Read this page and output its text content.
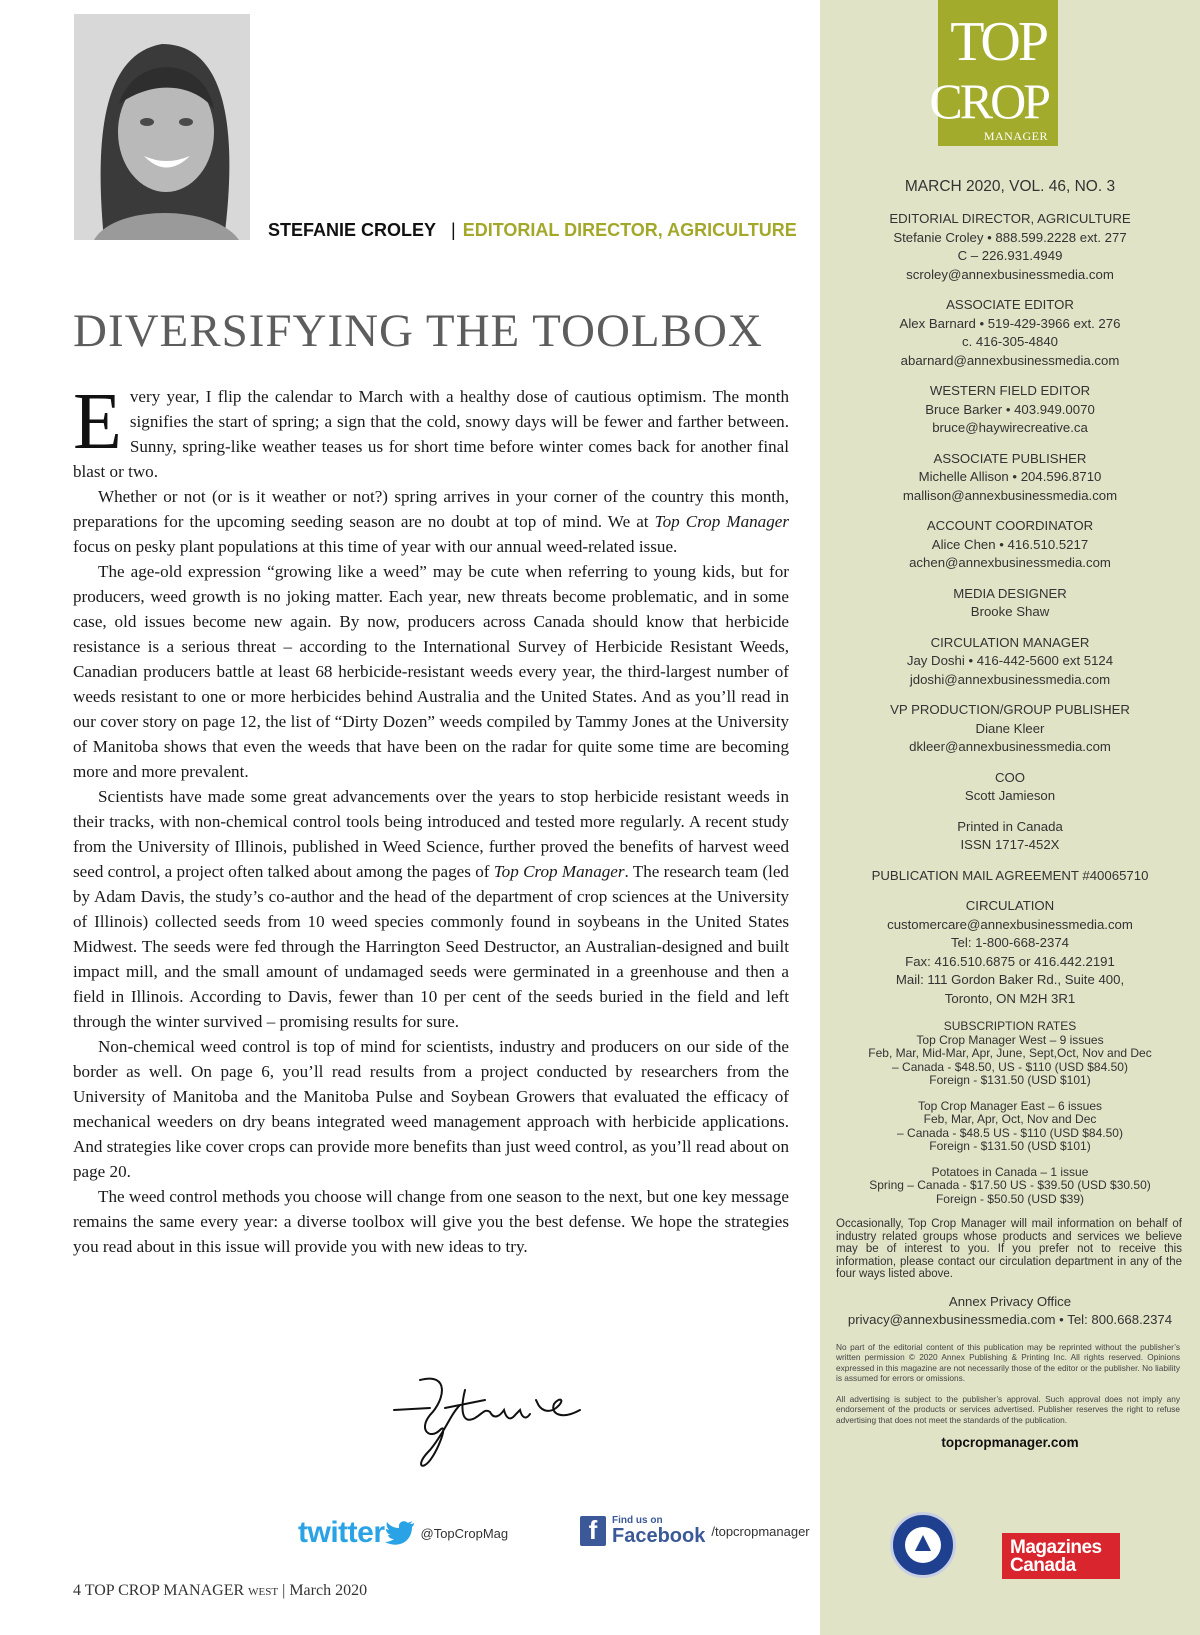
STEFANIE CROLEY | EDITORIAL DIRECTOR, AGRICULTURE
DIVERSIFYING THE TOOLBOX

Every year, I flip the calendar to March with a healthy dose of cautious optimism. The month signifies the start of spring; a sign that the cold, snowy days will be fewer and farther between. Sunny, spring-like weather teases us for short time before winter comes back for another final blast or two.

Whether or not (or is it weather or not?) spring arrives in your corner of the country this month, preparations for the upcoming seeding season are no doubt at top of mind. We at Top Crop Manager focus on pesky plant populations at this time of year with our annual weed-related issue.

The age-old expression “growing like a weed” may be cute when referring to young kids, but for producers, weed growth is no joking matter. Each year, new threats become problematic, and in some case, old issues become new again. By now, producers across Canada should know that herbicide resistance is a serious threat – according to the International Survey of Herbicide Resistant Weeds, Canadian producers battle at least 68 herbicide-resistant weeds every year, the third-largest number of weeds resistant to one or more herbicides behind Australia and the United States. And as you’ll read in our cover story on page 12, the list of “Dirty Dozen” weeds compiled by Tammy Jones at the University of Manitoba shows that even the weeds that have been on the radar for quite some time are becoming more and more prevalent.

Scientists have made some great advancements over the years to stop herbicide resistant weeds in their tracks, with non-chemical control tools being introduced and tested more regularly. A recent study from the University of Illinois, published in Weed Science, further proved the benefits of harvest weed seed control, a project often talked about among the pages of Top Crop Manager. The research team (led by Adam Davis, the study’s co-author and the head of the department of crop sciences at the University of Illinois) collected seeds from 10 weed species commonly found in soybeans in the United States Midwest. The seeds were fed through the Harrington Seed Destructor, an Australian-designed and built impact mill, and the small amount of undamaged seeds were germinated in a greenhouse and then a field in Illinois. According to Davis, fewer than 10 per cent of the seeds buried in the field and left through the winter survived – promising results for sure.

Non-chemical weed control is top of mind for scientists, industry and producers on our side of the border as well. On page 6, you’ll read results from a project conducted by researchers from the University of Manitoba and the Manitoba Pulse and Soybean Growers that evaluated the efficacy of mechanical weeders on dry beans integrated weed management approach with herbicide applications. And strategies like cover crops can provide more benefits than just weed control, as you’ll read about on page 20.

The weed control methods you choose will change from one season to the next, but one key message remains the same every year: a diverse toolbox will give you the best defense. We hope the strategies you read about in this issue will provide you with new ideas to try.

twitter	@TopCropMag	f	Find us on
Facebook /topcropmanager
4 TOP CROP MANAGER WEST | March 2020
TOP
CROP
MANAGER
MARCH 2020, VOL. 46, NO. 3
EDITORIAL DIRECTOR, AGRICULTURE
Stefanie Croley • 888.599.2228 ext. 277
C – 226.931.4949
scroley@annexbusinessmedia.com
ASSOCIATE EDITOR
Alex Barnard • 519-429-3966 ext. 276
c. 416-305-4840
abarnard@annexbusinessmedia.com
WESTERN FIELD EDITOR
Bruce Barker • 403.949.0070
bruce@haywirecreative.ca
ASSOCIATE PUBLISHER
Michelle Allison • 204.596.8710
mallison@annexbusinessmedia.com
ACCOUNT COORDINATOR
Alice Chen • 416.510.5217
achen@annexbusinessmedia.com
MEDIA DESIGNER
Brooke Shaw
CIRCULATION MANAGER
Jay Doshi • 416-442-5600 ext 5124
jdoshi@annexbusinessmedia.com
VP PRODUCTION/GROUP PUBLISHER
Diane Kleer
dkleer@annexbusinessmedia.com
COO
Scott Jamieson
Printed in Canada
ISSN 1717-452X
PUBLICATION MAIL AGREEMENT #40065710
CIRCULATION
customercare@annexbusinessmedia.com
Tel: 1-800-668-2374
Fax: 416.510.6875 or 416.442.2191
Mail: 111 Gordon Baker Rd., Suite 400,
Toronto, ON M2H 3R1
SUBSCRIPTION RATES
Top Crop Manager West – 9 issues
Feb, Mar, Mid-Mar, Apr, June, Sept,Oct, Nov and Dec
– Canada - $48.50, US - $110 (USD $84.50)
Foreign - $131.50 (USD $101)
Top Crop Manager East – 6 issues
Feb, Mar, Apr, Oct, Nov and Dec
– Canada - $48.5 US - $110 (USD $84.50)
Foreign - $131.50 (USD $101)
Potatoes in Canada – 1 issue
Spring – Canada - $17.50 US - $39.50 (USD $30.50)
Foreign - $50.50 (USD $39)
Occasionally, Top Crop Manager will mail information on behalf of industry related groups whose products and services we believe may be of interest to you. If you prefer not to receive this information, please contact our circulation department in any of the four ways listed above.
Annex Privacy Office
privacy@annexbusinessmedia.com • Tel: 800.668.2374
No part of the editorial content of this publication may be reprinted without the publisher’s written permission © 2020 Annex Publishing & Printing Inc. All rights reserved. Opinions expressed in this magazine are not necessarily those of the editor or the publisher. No liability is assumed for errors or omissions.
All advertising is subject to the publisher’s approval. Such approval does not imply any endorsement of the products or services advertised. Publisher reserves the right to refuse advertising that does not meet the standards of the publication.
topcropmanager.com
Magazines Canada
